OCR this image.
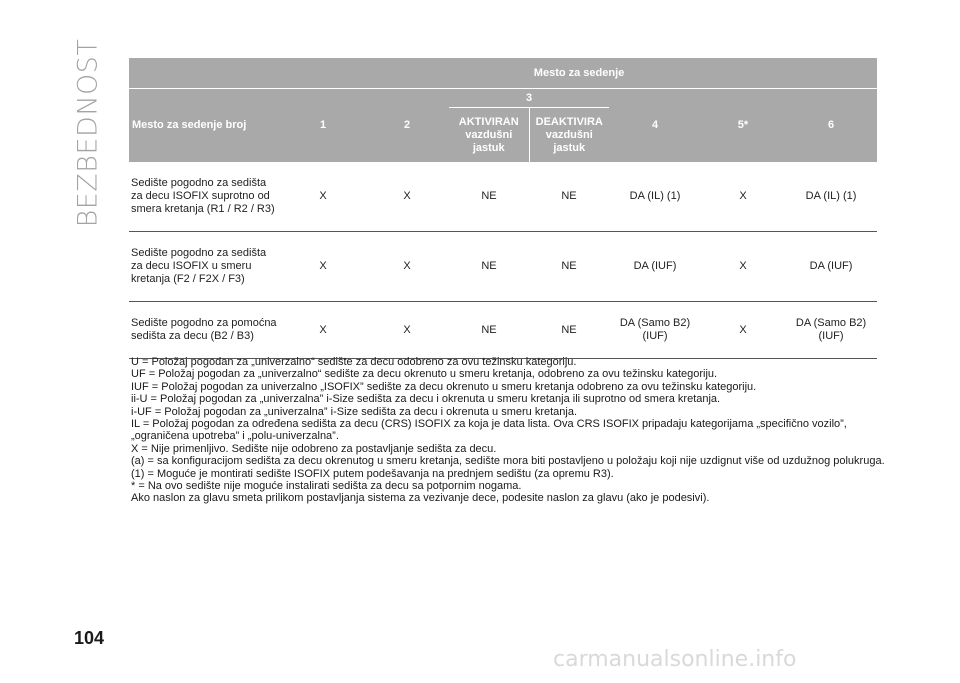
BEZBEDNOST
		Mesto za sedenje						
Mesto za sedenje broj	1	2	3		4	5*	6
			AKTIVIRAN vazdušni jastuk	DEAKTIVIRA vazdušni jastuk			
Sedište pogodno za sedišta za decu ISOFIX suprotno od smera kretanja (R1 / R2 / R3)	X	X	NE	NE	DA (IL) (1)	X	DA (IL) (1)
Sedište pogodno za sedišta za decu ISOFIX u smeru kretanja (F2 / F2X / F3)	X	X	NE	NE	DA (IUF)	X	DA (IUF)
Sedište pogodno za pomoćna sedišta za decu (B2 / B3)	X	X	NE	NE	DA (Samo B2) (IUF)	X	DA (Samo B2) (IUF)
U = Položaj pogodan za „univerzalno“ sedište za decu odobreno za ovu težinsku kategoriju.
UF = Položaj pogodan za „univerzalno“ sedište za decu okrenuto u smeru kretanja, odobreno za ovu težinsku kategoriju.
IUF = Položaj pogodan za univerzalno „ISOFIX” sedište za decu okrenuto u smeru kretanja odobreno za ovu težinsku kategoriju.
ii-U = Položaj pogodan za „univerzalna” i-Size sedišta za decu i okrenuta u smeru kretanja ili suprotno od smera kretanja.
i-UF = Položaj pogodan za „univerzalna” i-Size sedišta za decu i okrenuta u smeru kretanja.
IL = Položaj pogodan za određena sedišta za decu (CRS) ISOFIX za koja je data lista. Ova CRS ISOFIX pripadaju kategorijama „specifično vozilo”, „ograničena upotreba” i „polu-univerzalna”.
X = Nije primenljivo. Sedište nije odobreno za postavljanje sedišta za decu.
(a) = sa konfiguracijom sedišta za decu okrenutog u smeru kretanja, sedište mora biti postavljeno u položaju koji nije uzdignut više od uzdužnog polukruga.
(1) = Moguće je montirati sedište ISOFIX putem podešavanja na prednjem sedištu (za opremu R3).
* = Na ovo sedište nije moguće instalirati sedišta za decu sa potpornim nogama.
Ako naslon za glavu smeta prilikom postavljanja sistema za vezivanje dece, podesite naslon za glavu (ako je podesivi).
104
carmanualsonline.info
